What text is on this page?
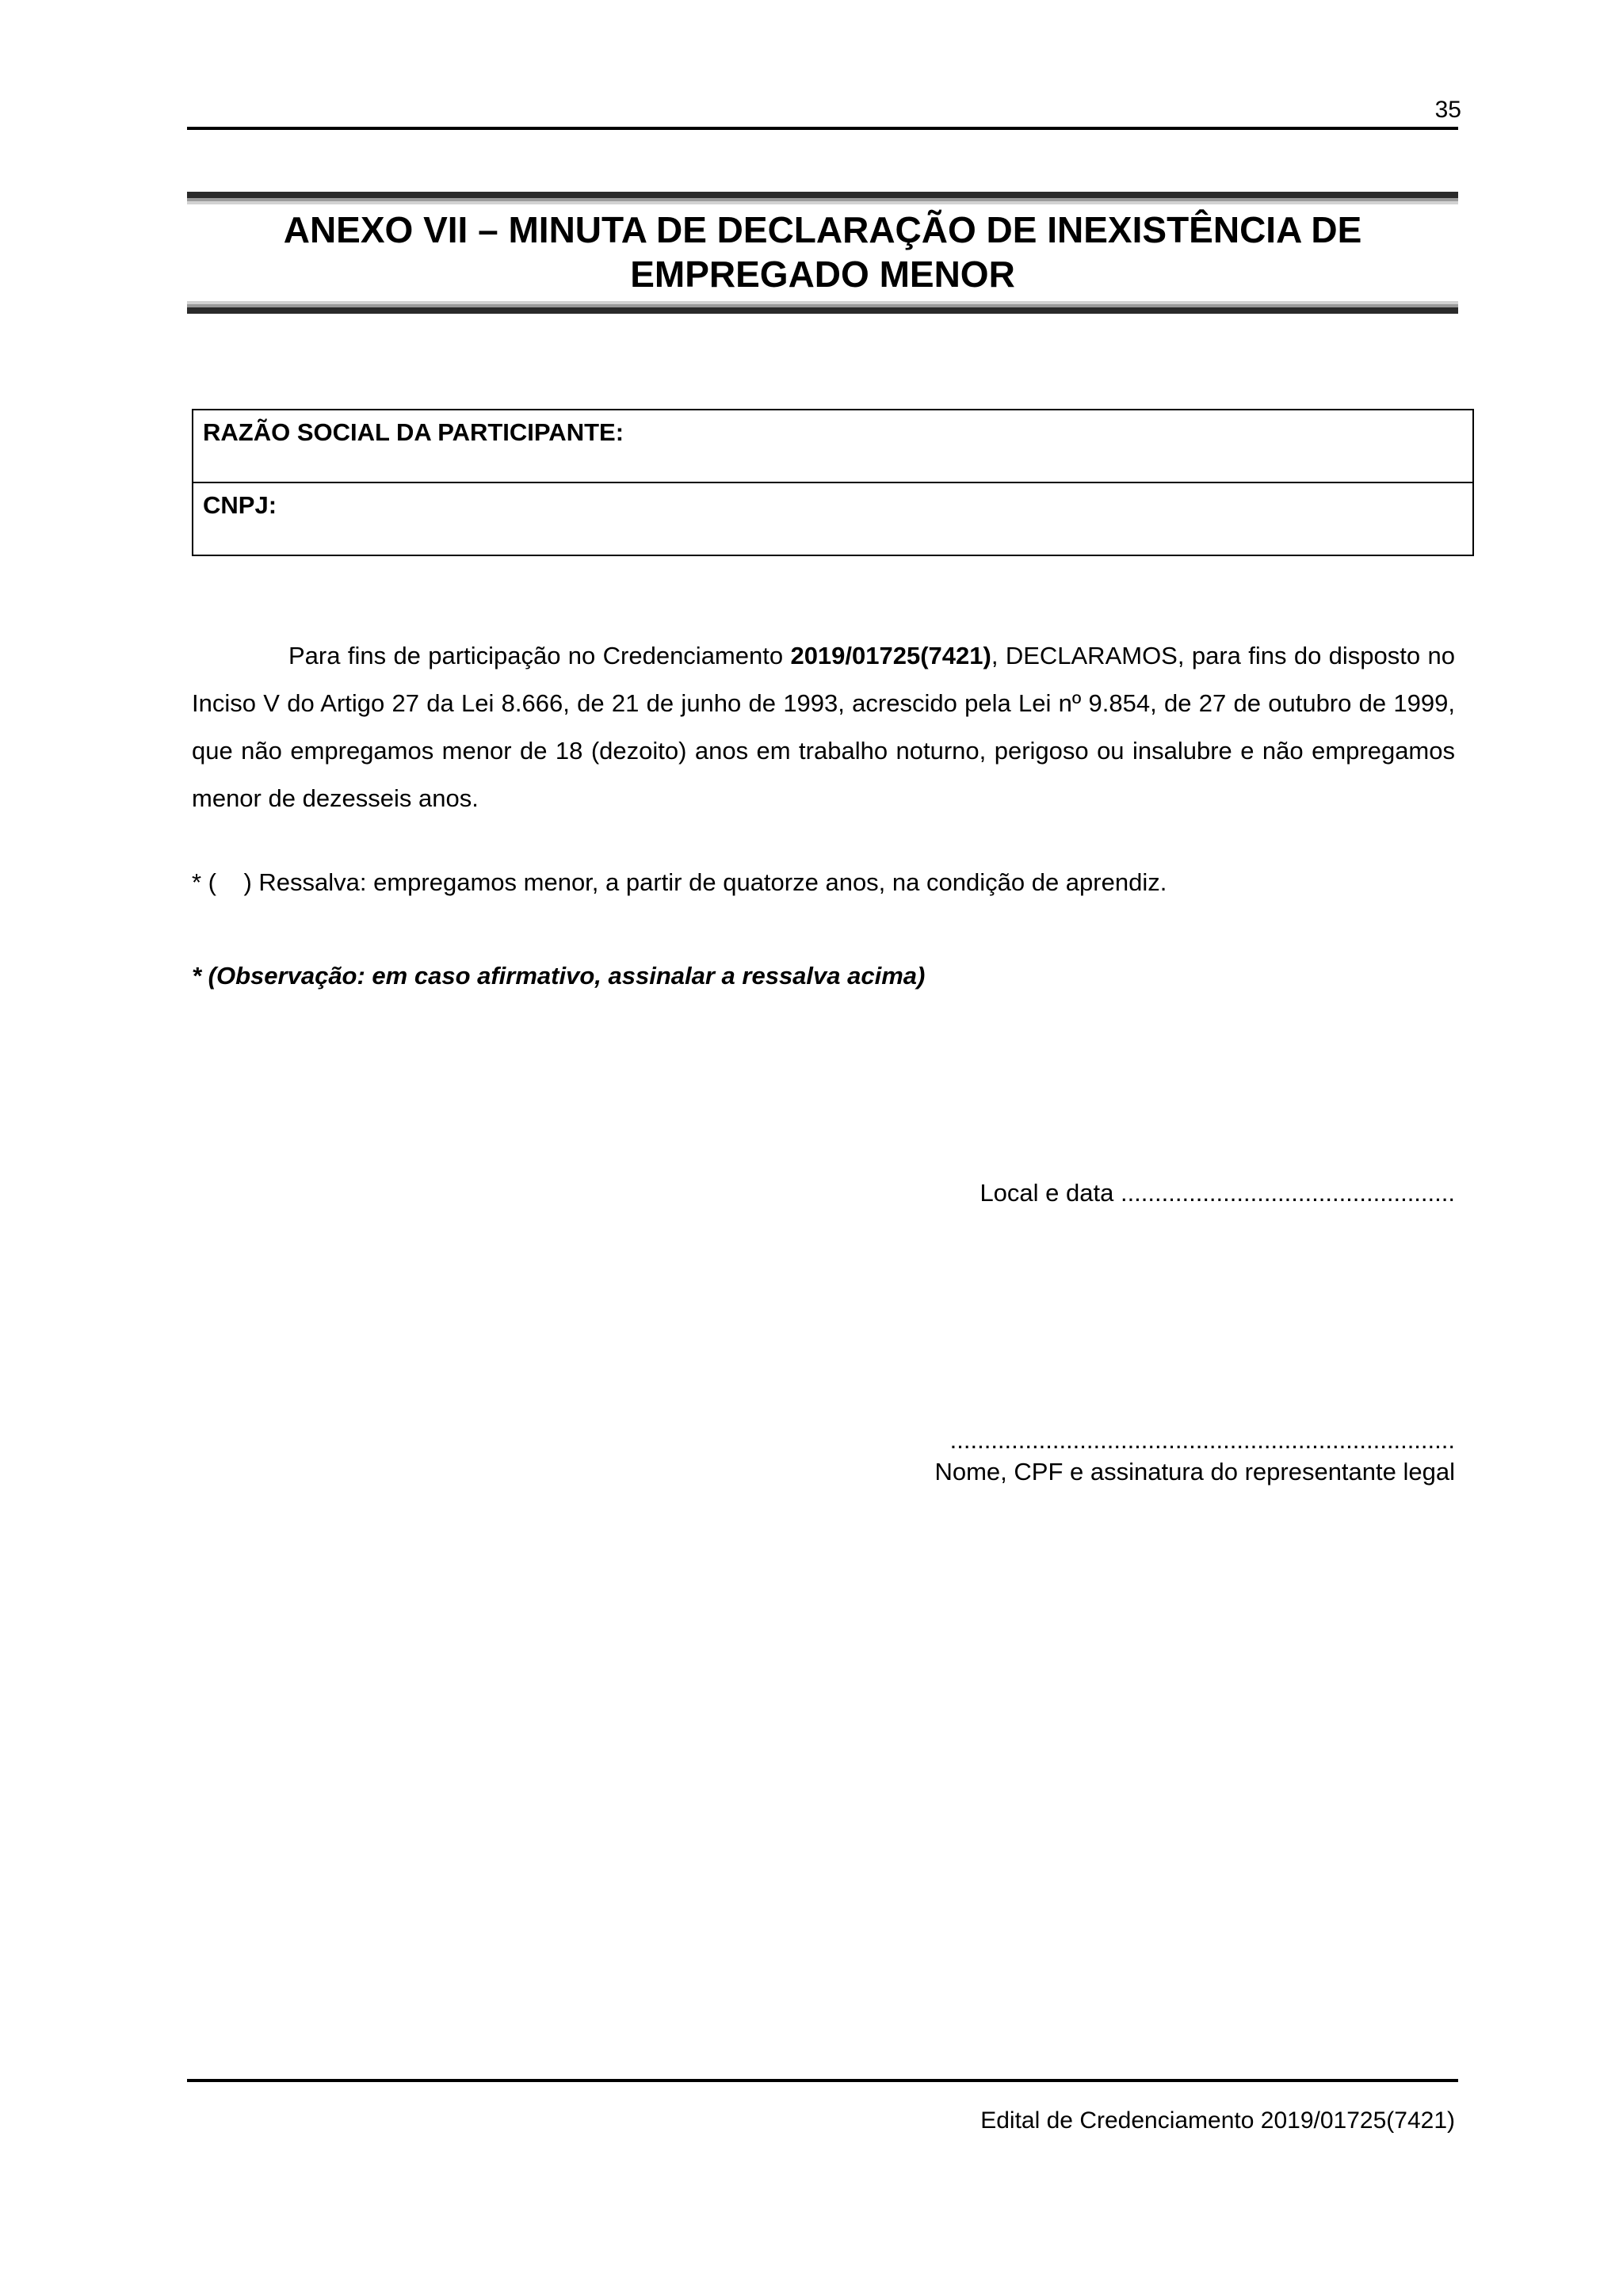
35
ANEXO VII – MINUTA DE DECLARAÇÃO DE INEXISTÊNCIA DE
EMPREGADO MENOR
RAZÃO SOCIAL DA PARTICIPANTE:
CNPJ:
Para fins de participação no Credenciamento 2019/01725(7421), DECLARAMOS, para fins do disposto no Inciso V do Artigo 27 da Lei 8.666, de 21 de junho de 1993, acrescido pela Lei nº 9.854, de 27 de outubro de 1999, que não empregamos menor de 18 (dezoito) anos em trabalho noturno, perigoso ou insalubre e não empregamos menor de dezesseis anos.
* (    ) Ressalva: empregamos menor, a partir de quatorze anos, na condição de aprendiz.
* (Observação: em caso afirmativo, assinalar a ressalva acima)
Local e data .................................................
..........................................................................
Nome, CPF e assinatura do representante legal
Edital de Credenciamento 2019/01725(7421)
